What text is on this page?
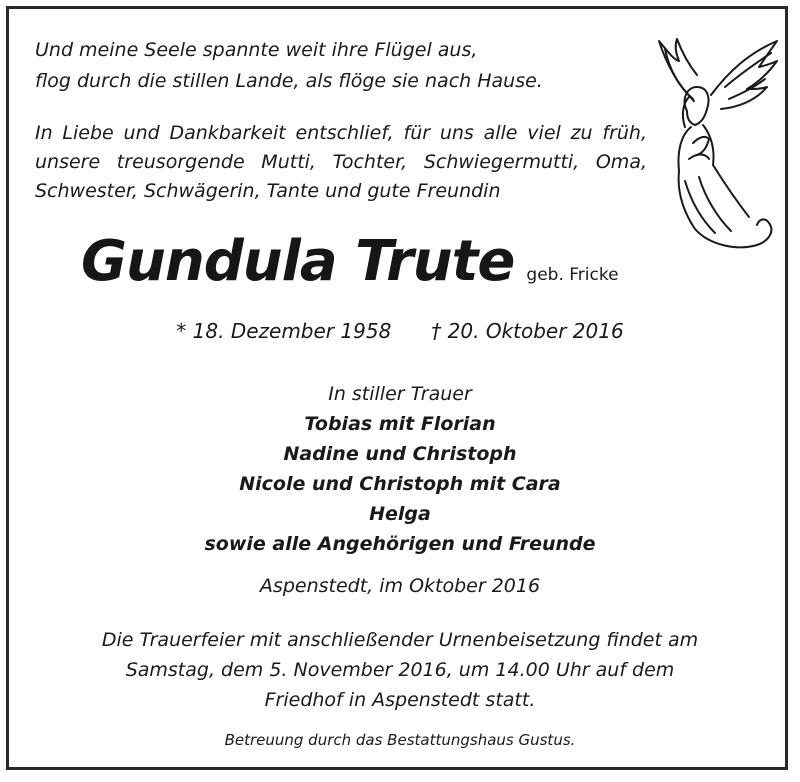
Und meine Seele spannte weit ihre Flügel aus,
flog durch die stillen Lande, als flöge sie nach Hause.
In Liebe und Dankbarkeit entschlief, für uns alle viel zu früh, unsere treusorgende Mutti, Tochter, Schwiegermutti, Oma, Schwester, Schwägerin, Tante und gute Freundin
Gundula Trute geb. Fricke
* 18. Dezember 1958 † 20. Oktober 2016
In stiller Trauer
Tobias mit Florian
Nadine und Christoph
Nicole und Christoph mit Cara
Helga
sowie alle Angehörigen und Freunde
Aspenstedt, im Oktober 2016
Die Trauerfeier mit anschließender Urnenbeisetzung findet am
Samstag, dem 5. November 2016, um 14.00 Uhr auf dem
Friedhof in Aspenstedt statt.
Betreuung durch das Bestattungshaus Gustus.
